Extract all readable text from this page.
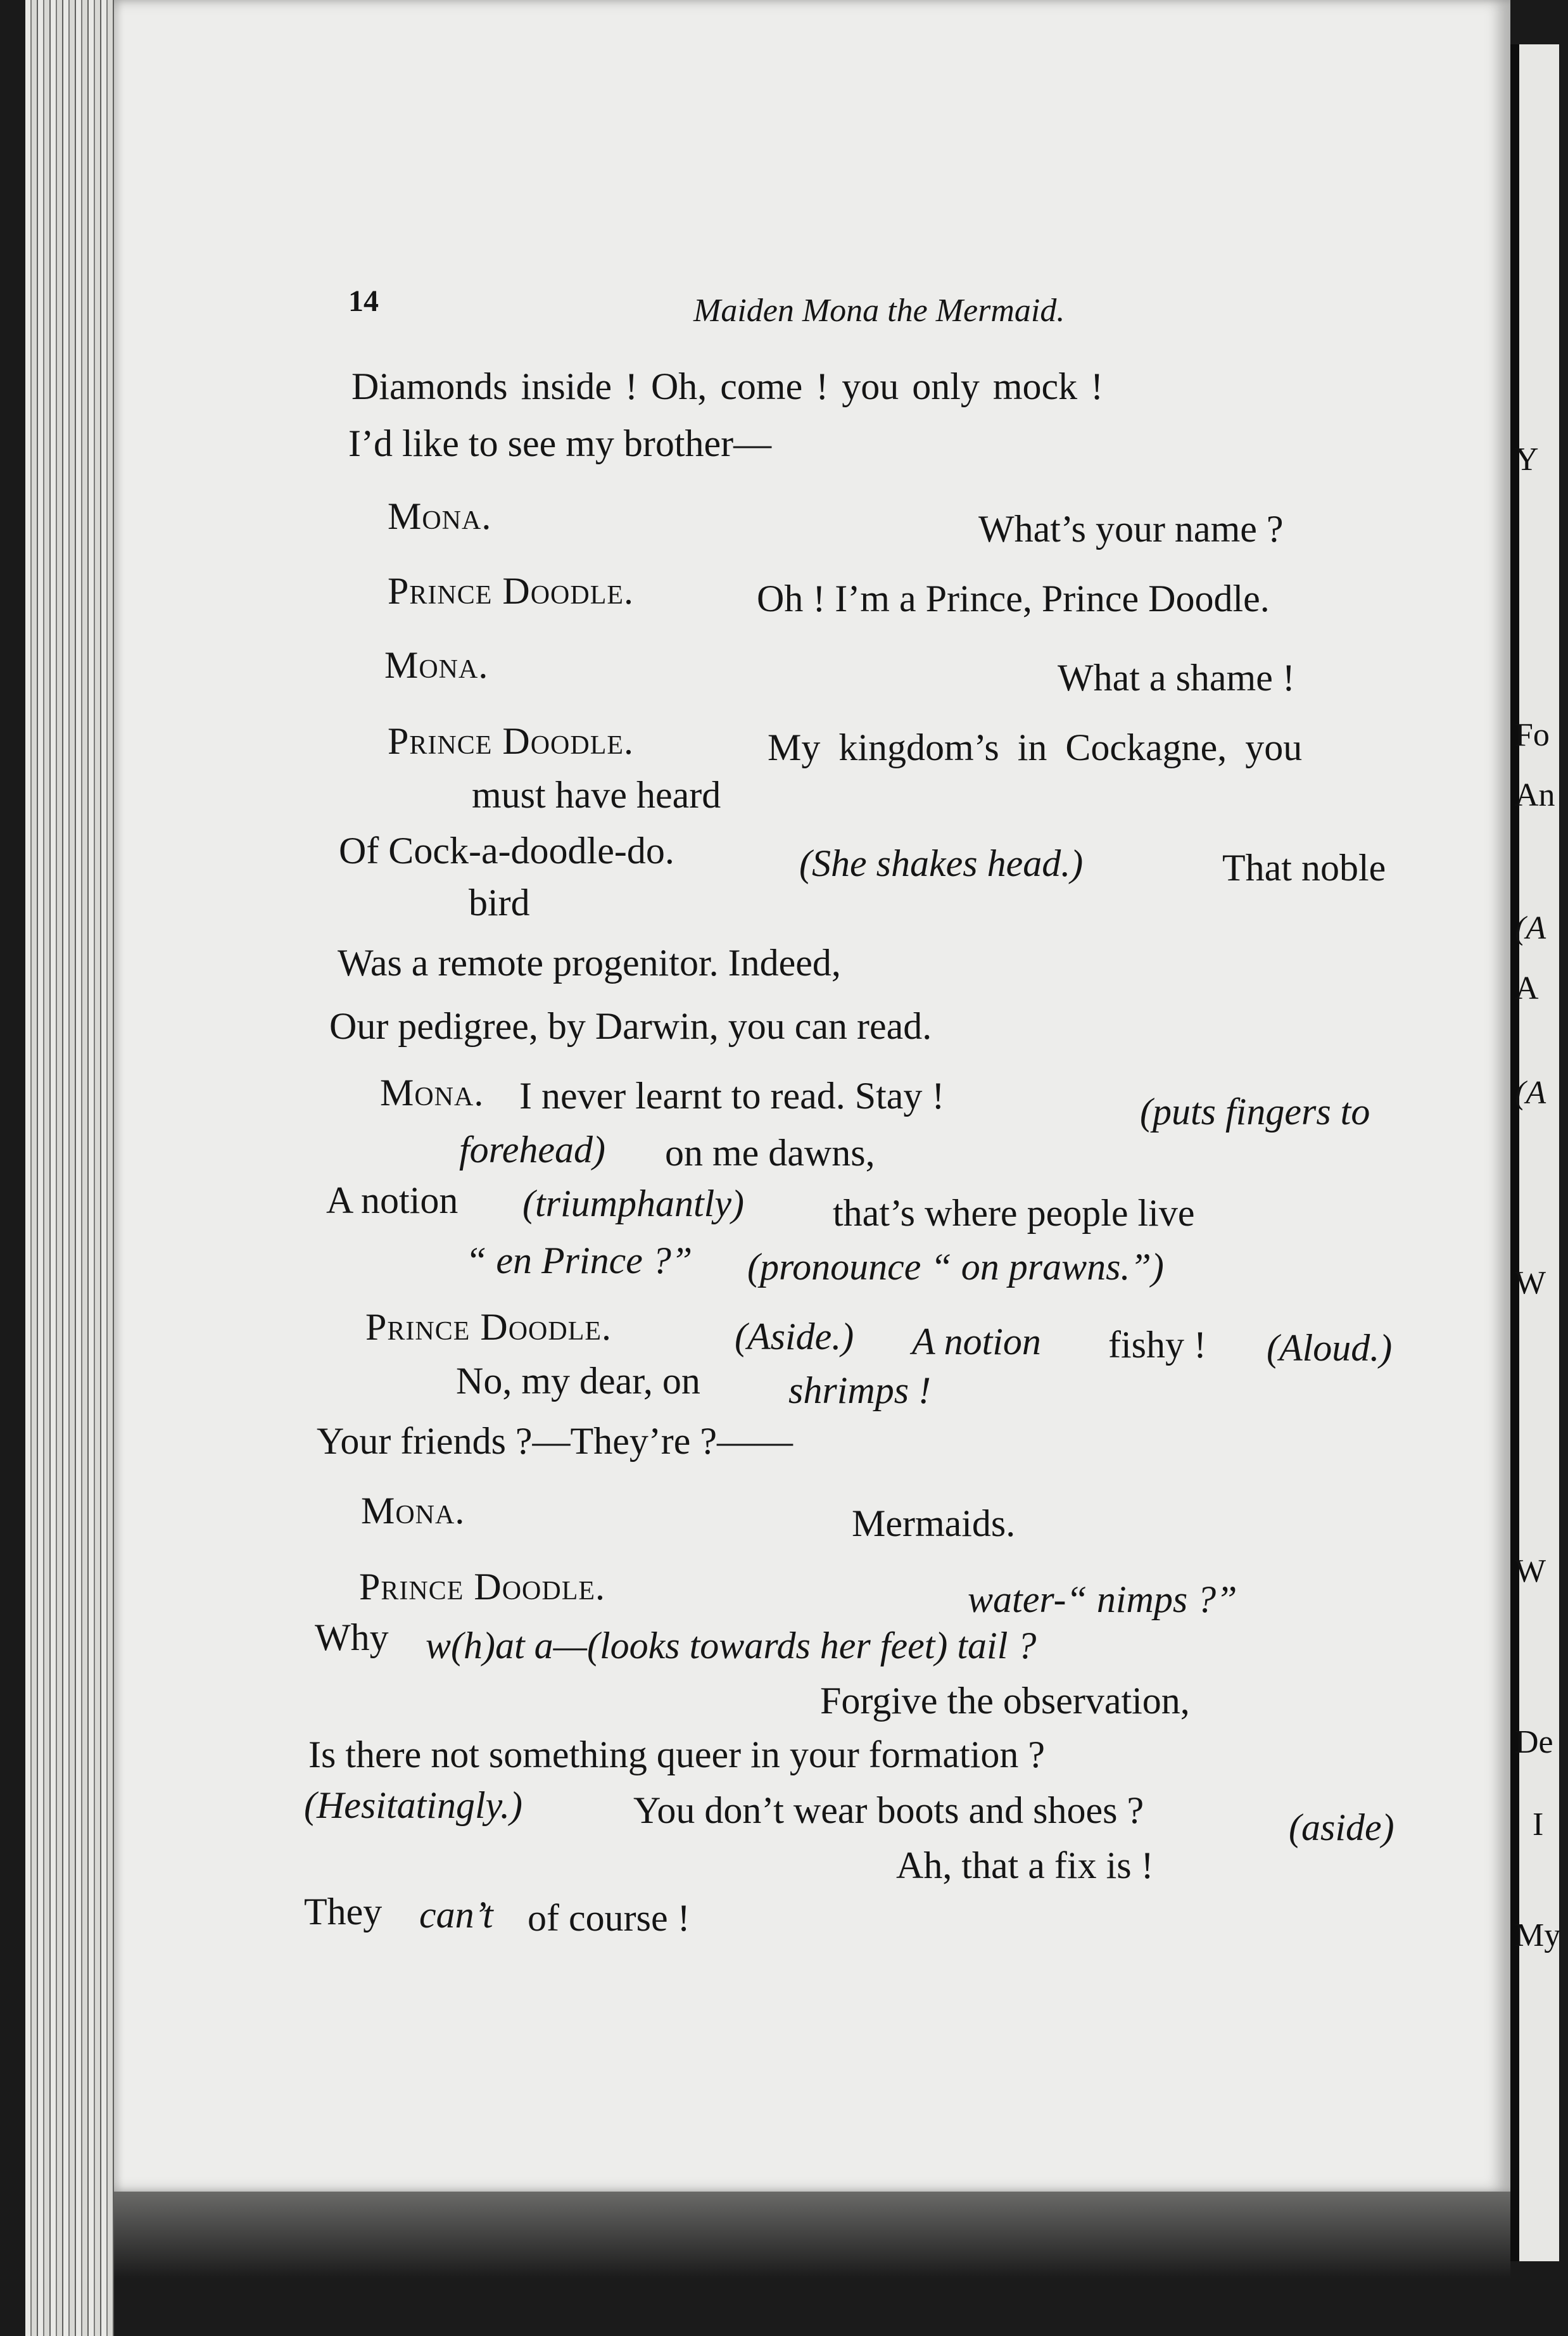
14	Maiden Mona the Mermaid.
Diamonds inside ! Oh, come ! you only mock !
I’d like to see my brother—
Mona.	What’s your name ?
Prince Doodle.	Oh ! I’m a Prince, Prince Doodle.
Mona.	What a shame !
Prince Doodle.	My kingdom’s in Cockagne, you
must have heard
Of Cock-a-doodle-do.	(She shakes head.)	That noble
bird
Was a remote progenitor. Indeed,
Our pedigree, by Darwin, you can read.
Mona. I never learnt to read. Stay !	(puts fingers to
forehead) on me dawns,
A notion (triumphantly) that’s where people live
“ en Prince ?” (pronounce “ on prawns.”)
Prince Doodle.	(Aside.) A notion fishy ! (Aloud.)
No, my dear, on shrimps !
Your friends ?—They’re ?——
Mona.	Mermaids.
Prince Doodle.	water-“ nimps ?”
Why w(h)at a—(looks towards her feet) tail ?
Forgive the observation,
Is there not something queer in your formation ?
(Hesitatingly.)	You don’t wear boots and shoes ?	(aside)
Ah, that a fix is !
They can’t of course !
Y
Fo
An
(A
A
(A
W
W
De
I
My
